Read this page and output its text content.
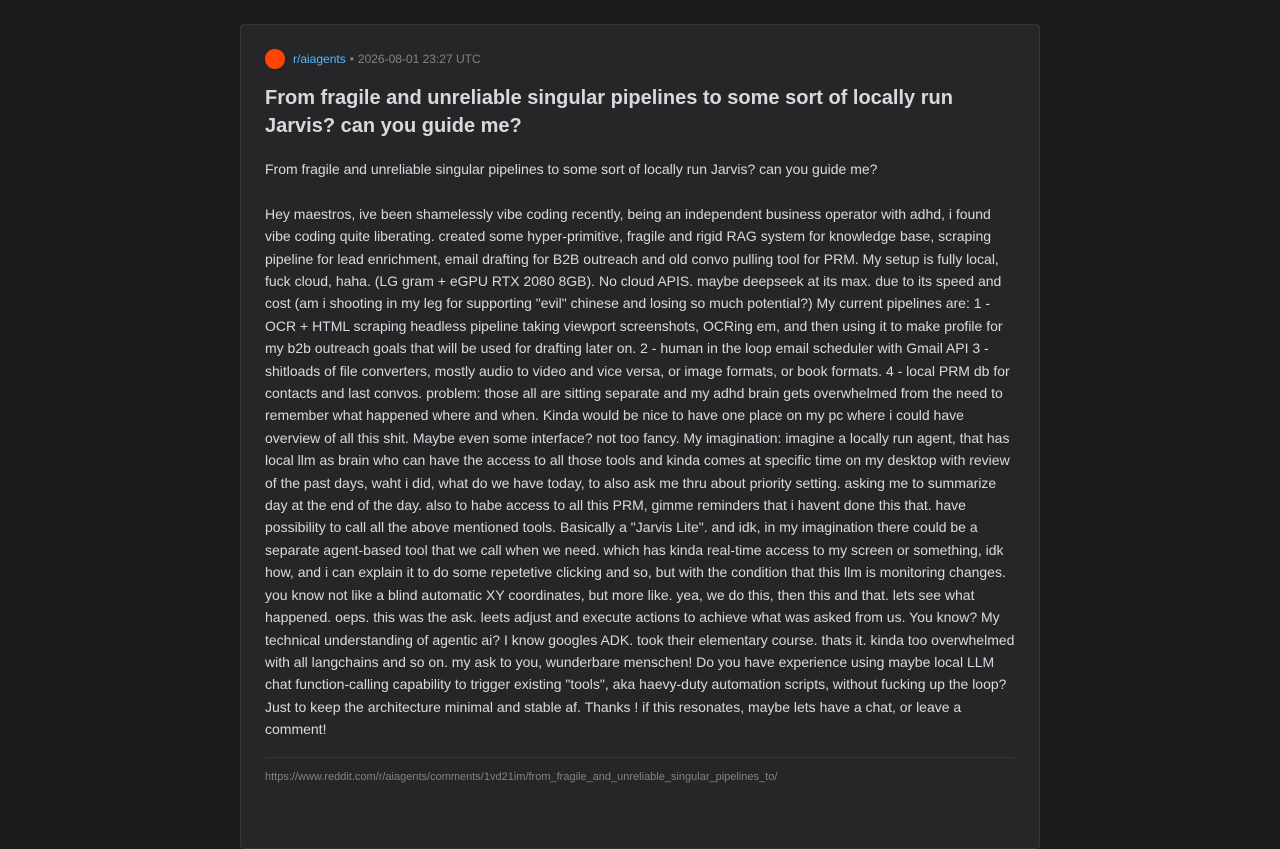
r/aiagents • 2026-08-01 23:27 UTC
From fragile and unreliable singular pipelines to some sort of locally run Jarvis? can you guide me?

From fragile and unreliable singular pipelines to some sort of locally run Jarvis? can you guide me?

Hey maestros, ive been shamelessly vibe coding recently, being an independent business operator with adhd, i found vibe coding quite liberating. created some hyper-primitive, fragile and rigid RAG system for knowledge base, scraping pipeline for lead enrichment, email drafting for B2B outreach and old convo pulling tool for PRM. My setup is fully local, fuck cloud, haha. (LG gram + eGPU RTX 2080 8GB). No cloud APIS. maybe deepseek at its max. due to its speed and cost (am i shooting in my leg for supporting "evil" chinese and losing so much potential?) My current pipelines are: 1 - OCR + HTML scraping headless pipeline taking viewport screenshots, OCRing em, and then using it to make profile for my b2b outreach goals that will be used for drafting later on. 2 - human in the loop email scheduler with Gmail API 3 - shitloads of file converters, mostly audio to video and vice versa, or image formats, or book formats. 4 - local PRM db for contacts and last convos. problem: those all are sitting separate and my adhd brain gets overwhelmed from the need to remember what happened where and when. Kinda would be nice to have one place on my pc where i could have overview of all this shit. Maybe even some interface? not too fancy. My imagination: imagine a locally run agent, that has local llm as brain who can have the access to all those tools and kinda comes at specific time on my desktop with review of the past days, waht i did, what do we have today, to also ask me thru about priority setting. asking me to summarize day at the end of the day. also to habe access to all this PRM, gimme reminders that i havent done this that. have possibility to call all the above mentioned tools. Basically a "Jarvis Lite". and idk, in my imagination there could be a separate agent-based tool that we call when we need. which has kinda real-time access to my screen or something, idk how, and i can explain it to do some repetetive clicking and so, but with the condition that this llm is monitoring changes. you know not like a blind automatic XY coordinates, but more like. yea, we do this, then this and that. lets see what happened. oeps. this was the ask. leets adjust and execute actions to achieve what was asked from us. You know? My technical understanding of agentic ai? I know googles ADK. took their elementary course. thats it. kinda too overwhelmed with all langchains and so on. my ask to you, wunderbare menschen! Do you have experience using maybe local LLM chat function-calling capability to trigger existing "tools", aka haevy-duty automation scripts, without fucking up the loop? Just to keep the architecture minimal and stable af. Thanks ! if this resonates, maybe lets have a chat, or leave a comment!

https://www.reddit.com/r/aiagents/comments/1vd21im/from_fragile_and_unreliable_singular_pipelines_to/
